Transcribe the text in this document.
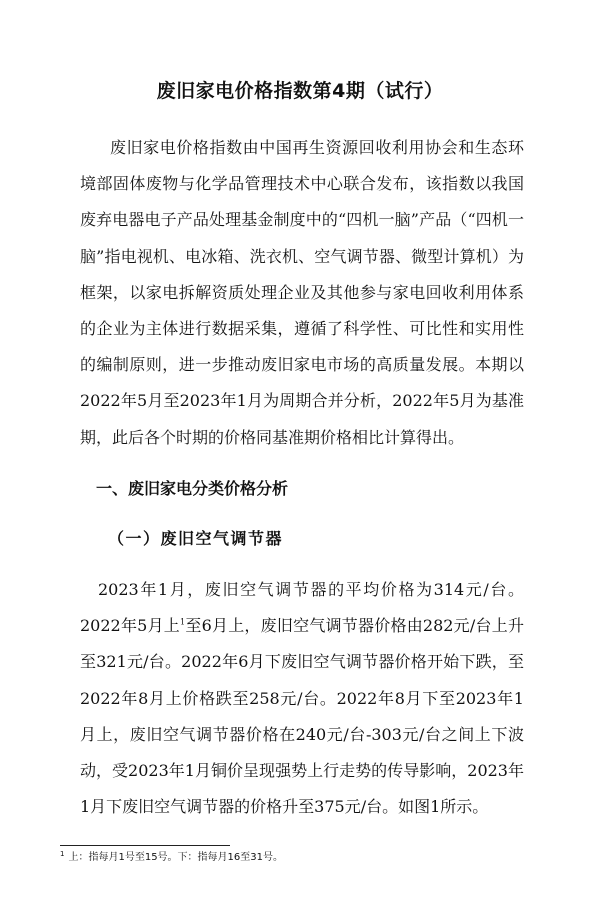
废旧家电价格指数第4期（试行）

废旧家电价格指数由中国再生资源回收利用协会和生态环境部固体废物与化学品管理技术中心联合发布，该指数以我国废弃电器电子产品处理基金制度中的“四机一脑”产品（“四机一脑”指电视机、电冰箱、洗衣机、空气调节器、微型计算机）为框架，以家电拆解资质处理企业及其他参与家电回收利用体系的企业为主体进行数据采集，遵循了科学性、可比性和实用性的编制原则，进一步推动废旧家电市场的高质量发展。本期以2022年5月至2023年1月为周期合并分析，2022年5月为基准期，此后各个时期的价格同基准期价格相比计算得出。

一、废旧家电分类价格分析
（一）废旧空气调节器

2023年1月，废旧空气调节器的平均价格为314元/台。2022年5月上$^1$至6月上，废旧空气调节器价格由282元/台上升至321元/台。2022年6月下废旧空气调节器价格开始下跌，至2022年8月上价格跌至258元/台。2022年8月下至2023年1月上，废旧空气调节器价格在240元/台-303元/台之间上下波动，受2023年1月铜价呈现强势上行走势的传导影响，2023年1月下废旧空气调节器的价格升至375元/台。如图1所示。

$^1$ 上：指每月1号至15号。下：指每月16至31号。
